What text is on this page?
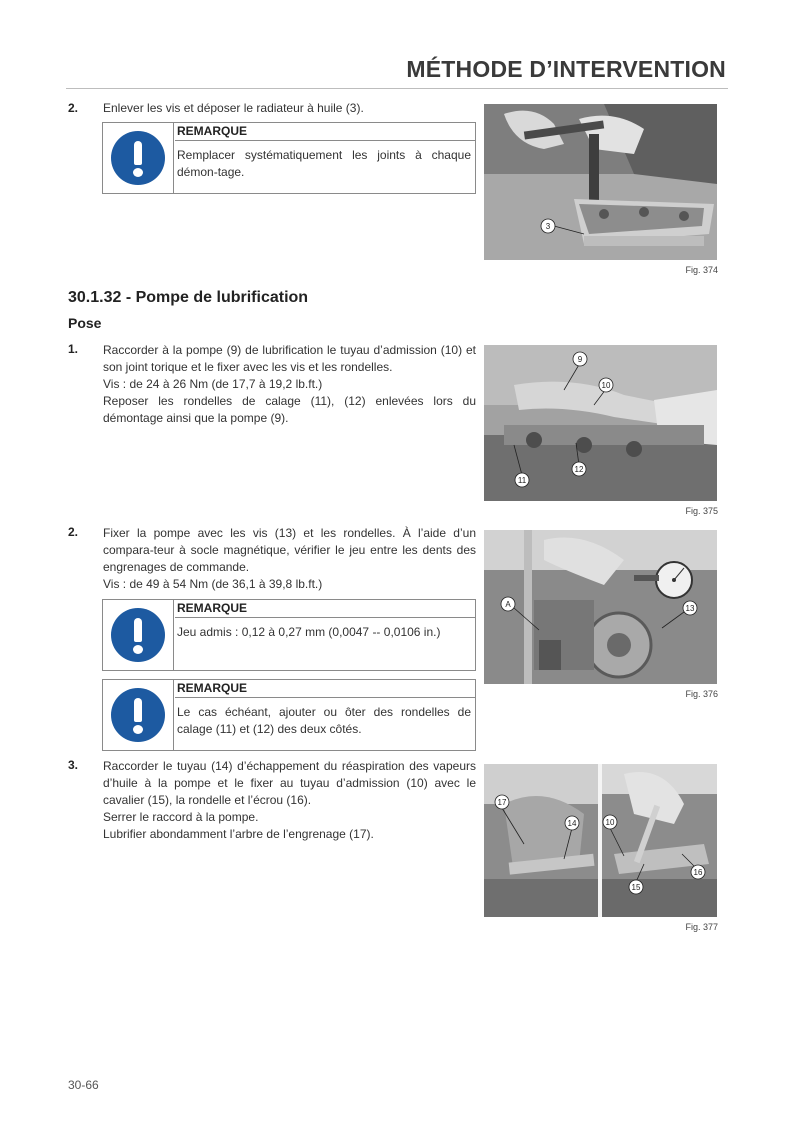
MÉTHODE D’INTERVENTION
2. Enlever les vis et déposer le radiateur à huile (3).

REMARQUE
Remplacer systématiquement les joints à chaque démon-tage.
3
Fig. 374
30.1.32 - Pompe de lubrification
Pose
1. Raccorder à la pompe (9) de lubrification le tuyau d’admission (10) et son joint torique et le fixer avec les vis et les rondelles.

Vis : de 24 à 26 Nm (de 17,7 à 19,2 lb.ft.)

Reposer les rondelles de calage (11), (12) enlevées lors du démontage ainsi que la pompe (9).

9
10
11
12
Fig. 375
2. Fixer la pompe avec les vis (13) et les rondelles. À l’aide d’un compara-teur à socle magnétique, vérifier le jeu entre les dents des engrenages de commande.

Vis : de 49 à 54 Nm (de 36,1 à 39,8 lb.ft.)

REMARQUE
Jeu admis : 0,12 à 0,27 mm (0,0047 -- 0,0106 in.)
REMARQUE
Le cas échéant, ajouter ou ôter des rondelles de calage (11) et (12) des deux côtés.
A	13
Fig. 376
3. Raccorder le tuyau (14) d’échappement du réaspiration des vapeurs d’huile à la pompe et le fixer au tuyau d’admission (10) avec le cavalier (15), la rondelle et l’écrou (16).

Serrer le raccord à la pompe.

Lubrifier abondamment l’arbre de l’engrenage (17).

17
14	10
16
15
Fig. 377
30-66
